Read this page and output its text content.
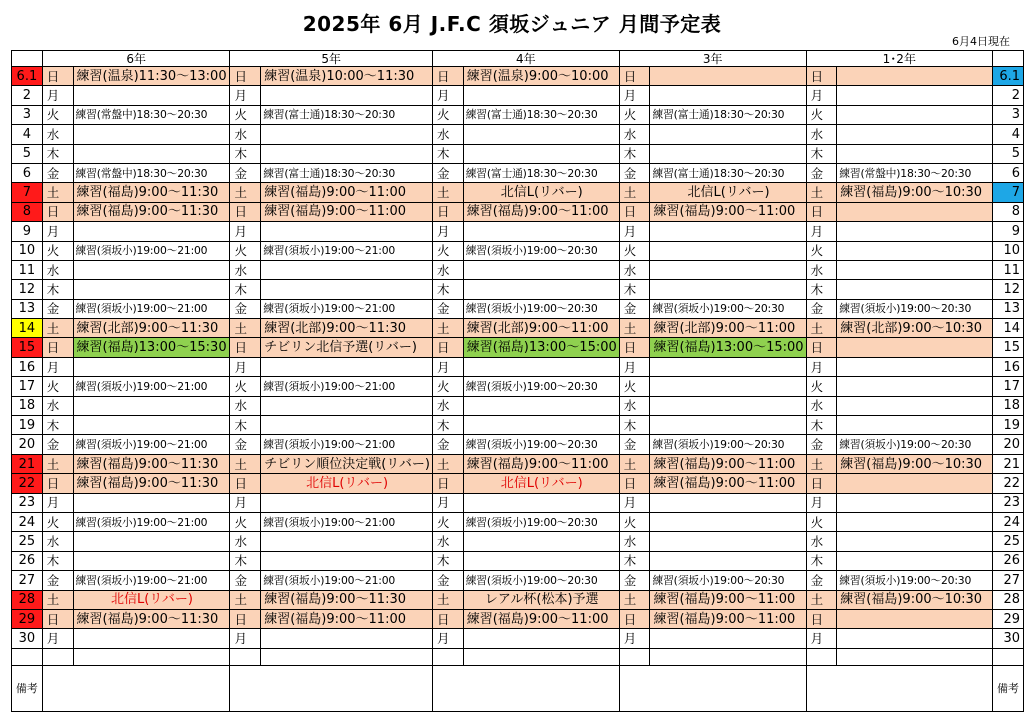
2025年 6月 J.F.C 須坂ジュニア 月間予定表
6月4日現在
	6年		5年		4年		3年		1･2年		
6.1	日	練習(温泉)11:30～13:00	日	練習(温泉)10:00～11:30	日	練習(温泉)9:00～10:00	日		日		6.1
2	月		月		月		月		月		2
3	火	練習(常盤中)18:30～20:30	火	練習(富士通)18:30～20:30	火	練習(富士通)18:30～20:30	火	練習(富士通)18:30～20:30	火		3
4	水		水		水		水		水		4
5	木		木		木		木		木		5
6	金	練習(常盤中)18:30～20:30	金	練習(富士通)18:30～20:30	金	練習(富士通)18:30～20:30	金	練習(富士通)18:30～20:30	金	練習(常盤中)18:30～20:30	6
7	土	練習(福島)9:00～11:30	土	練習(福島)9:00～11:00	土	北信L(リバー)	土	北信L(リバー)	土	練習(福島)9:00～10:30	7
8	日	練習(福島)9:00～11:30	日	練習(福島)9:00～11:00	日	練習(福島)9:00～11:00	日	練習(福島)9:00～11:00	日		8
9	月		月		月		月		月		9
10	火	練習(須坂小)19:00～21:00	火	練習(須坂小)19:00～21:00	火	練習(須坂小)19:00～20:30	火		火		10
11	水		水		水		水		水		11
12	木		木		木		木		木		12
13	金	練習(須坂小)19:00～21:00	金	練習(須坂小)19:00～21:00	金	練習(須坂小)19:00～20:30	金	練習(須坂小)19:00～20:30	金	練習(須坂小)19:00～20:30	13
14	土	練習(北部)9:00～11:30	土	練習(北部)9:00～11:30	土	練習(北部)9:00～11:00	土	練習(北部)9:00～11:00	土	練習(北部)9:00～10:30	14
15	日	練習(福島)13:00～15:30	日	チビリン北信予選(リバー)	日	練習(福島)13:00～15:00	日	練習(福島)13:00～15:00	日		15
16	月		月		月		月		月		16
17	火	練習(須坂小)19:00～21:00	火	練習(須坂小)19:00～21:00	火	練習(須坂小)19:00～20:30	火		火		17
18	水		水		水		水		水		18
19	木		木		木		木		木		19
20	金	練習(須坂小)19:00～21:00	金	練習(須坂小)19:00～21:00	金	練習(須坂小)19:00～20:30	金	練習(須坂小)19:00～20:30	金	練習(須坂小)19:00～20:30	20
21	土	練習(福島)9:00～11:30	土	チビリン順位決定戦(リバー)	土	練習(福島)9:00～11:00	土	練習(福島)9:00～11:00	土	練習(福島)9:00～10:30	21
22	日	練習(福島)9:00～11:30	日	北信L(リバー)	日	北信L(リバー)	日	練習(福島)9:00～11:00	日		22
23	月		月		月		月		月		23
24	火	練習(須坂小)19:00～21:00	火	練習(須坂小)19:00～21:00	火	練習(須坂小)19:00～20:30	火		火		24
25	水		水		水		水		水		25
26	木		木		木		木		木		26
27	金	練習(須坂小)19:00～21:00	金	練習(須坂小)19:00～21:00	金	練習(須坂小)19:00～20:30	金	練習(須坂小)19:00～20:30	金	練習(須坂小)19:00～20:30	27
28	土	北信L(リバー)	土	練習(福島)9:00～11:30	土	レアル杯(松本)予選	土	練習(福島)9:00～11:00	土	練習(福島)9:00～10:30	28
29	日	練習(福島)9:00～11:30	日	練習(福島)9:00～11:00	日	練習(福島)9:00～11:00	日	練習(福島)9:00～11:00	日		29
30	月		月		月		月		月		30

備考											備考
